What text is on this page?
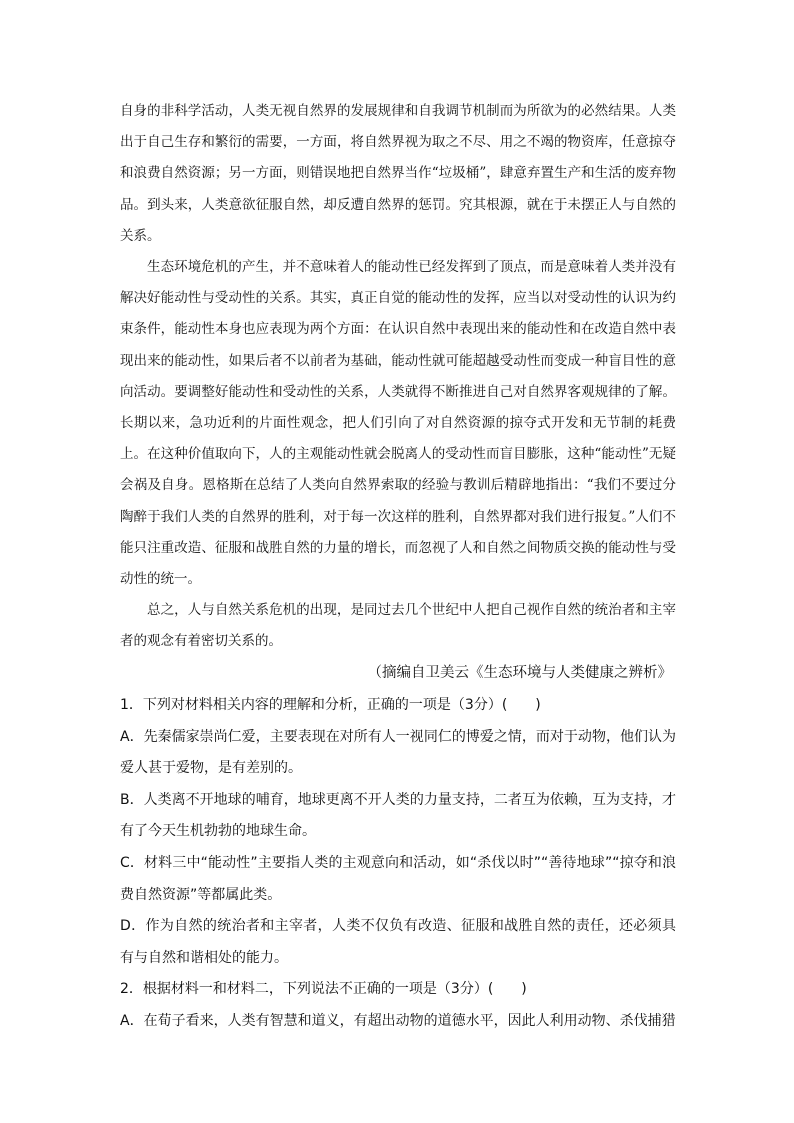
自身的非科学活动，人类无视自然界的发展规律和自我调节机制而为所欲为的必然结果。人类出于自己生存和繁衍的需要，一方面，将自然界视为取之不尽、用之不竭的物资库，任意掠夺和浪费自然资源；另一方面，则错误地把自然界当作“垃圾桶”，肆意弃置生产和生活的废弃物品。到头来，人类意欲征服自然，却反遭自然界的惩罚。究其根源，就在于未摆正人与自然的关系。

生态环境危机的产生，并不意味着人的能动性已经发挥到了顶点，而是意味着人类并没有解决好能动性与受动性的关系。其实，真正自觉的能动性的发挥，应当以对受动性的认识为约束条件，能动性本身也应表现为两个方面：在认识自然中表现出来的能动性和在改造自然中表现出来的能动性，如果后者不以前者为基础，能动性就可能超越受动性而变成一种盲目性的意向活动。要调整好能动性和受动性的关系，人类就得不断推进自己对自然界客观规律的了解。长期以来，急功近利的片面性观念，把人们引向了对自然资源的掠夺式开发和无节制的耗费上。在这种价值取向下，人的主观能动性就会脱离人的受动性而盲目膨胀，这种“能动性”无疑会祸及自身。恩格斯在总结了人类向自然界索取的经验与教训后精辟地指出：“我们不要过分陶醉于我们人类的自然界的胜利，对于每一次这样的胜利，自然界都对我们进行报复。”人们不能只注重改造、征服和战胜自然的力量的增长，而忽视了人和自然之间物质交换的能动性与受动性的统一。

总之，人与自然关系危机的出现，是同过去几个世纪中人把自己视作自然的统治者和主宰者的观念有着密切关系的。

（摘编自卫美云《生态环境与人类健康之辨析》

1．下列对材料相关内容的理解和分析，正确的一项是（3分）(　　)

A．先秦儒家崇尚仁爱，主要表现在对所有人一视同仁的博爱之情，而对于动物，他们认为爱人甚于爱物，是有差别的。

B．人类离不开地球的哺育，地球更离不开人类的力量支持，二者互为依赖，互为支持，才有了今天生机勃勃的地球生命。

C．材料三中“能动性”主要指人类的主观意向和活动，如“杀伐以时”“善待地球”“掠夺和浪费自然资源”等都属此类。

D．作为自然的统治者和主宰者，人类不仅负有改造、征服和战胜自然的责任，还必须具有与自然和谐相处的能力。

2．根据材料一和材料二，下列说法不正确的一项是（3分）(　　)

A．在荀子看来，人类有智慧和道义，有超出动物的道德水平，因此人利用动物、杀伐捕猎
